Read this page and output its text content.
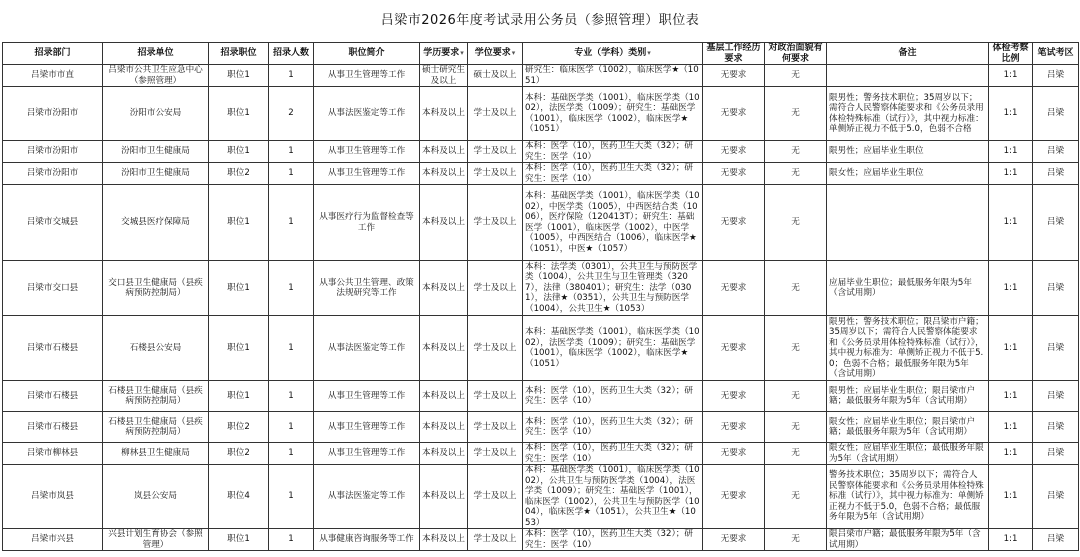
吕梁市2026年度考试录用公务员（参照管理）职位表
招录部门	招录单位	招录职位	招录人数	职位简介	学历要求▾	学位要求▾	专业（学科）类别▾	基层工作经历要求	对政治面貌有何要求	备注	体检考察比例	笔试考区
吕梁市市直	吕梁市公共卫生应急中心（参照管理）	职位1	1	从事卫生管理等工作	硕士研究生及以上	硕士及以上	研究生：临床医学（1002），临床医学★（1051）	无要求	无		1:1	吕梁
吕梁市汾阳市	汾阳市公安局	职位1	2	从事法医鉴定等工作	本科及以上	学士及以上	本科：基础医学类（1001），临床医学类（1002），法医学类（1009）；研究生：基础医学（1001），临床医学（1002），临床医学★（1051）	无要求	无	限男性；警务技术职位；35周岁以下；需符合人民警察体能要求和《公务员录用体检特殊标准（试行）》，其中视力标准：单侧矫正视力不低于5.0，色弱不合格	1:1	吕梁
吕梁市汾阳市	汾阳市卫生健康局	职位1	1	从事卫生管理等工作	本科及以上	学士及以上	本科：医学（10），医药卫生大类（32）；研究生：医学（10）	无要求	无	限男性；应届毕业生职位	1:1	吕梁
吕梁市汾阳市	汾阳市卫生健康局	职位2	1	从事卫生管理等工作	本科及以上	学士及以上	本科：医学（10），医药卫生大类（32）；研究生：医学（10）	无要求	无	限女性；应届毕业生职位	1:1	吕梁
吕梁市交城县	交城县医疗保障局	职位1	1	从事医疗行为监督检查等工作	本科及以上	学士及以上	本科：基础医学类（1001），临床医学类（1002），中医学类（1005），中西医结合类（1006），医疗保险（120413T）；研究生：基础医学（1001），临床医学（1002），中医学（1005），中西医结合（1006），临床医学★（1051），中医★（1057）	无要求	无		1:1	吕梁
吕梁市交口县	交口县卫生健康局（县疾病预防控制局）	职位1	1	从事公共卫生管理、政策法规研究等工作	本科及以上	学士及以上	本科：法学类（0301），公共卫生与预防医学类（1004），公共卫生与卫生管理类（3207），法律（380401）；研究生：法学（0301），法律★（0351），公共卫生与预防医学（1004），公共卫生★（1053）	无要求	无	应届毕业生职位；最低服务年限为5年（含试用期）	1:1	吕梁
吕梁市石楼县	石楼县公安局	职位1	1	从事法医鉴定等工作	本科及以上	学士及以上	本科：基础医学类（1001），临床医学类（1002），法医学类（1009）；研究生：基础医学（1001），临床医学（1002），临床医学★（1051）	无要求	无	限男性；警务技术职位；限吕梁市户籍；35周岁以下；需符合人民警察体能要求和《公务员录用体检特殊标准（试行）》，其中视力标准为：单侧矫正视力不低于5.0；色弱不合格；最低服务年限为5年（含试用期）	1:1	吕梁
吕梁市石楼县	石楼县卫生健康局（县疾病预防控制局）	职位1	1	从事卫生管理等工作	本科及以上	学士及以上	本科：医学（10），医药卫生大类（32）；研究生：医学（10）	无要求	无	限男性；应届毕业生职位；限吕梁市户籍；最低服务年限为5年（含试用期）	1:1	吕梁
吕梁市石楼县	石楼县卫生健康局（县疾病预防控制局）	职位2	1	从事卫生管理等工作	本科及以上	学士及以上	本科：医学（10），医药卫生大类（32）；研究生：医学（10）	无要求	无	限女性；应届毕业生职位；限吕梁市户籍；最低服务年限为5年（含试用期）	1:1	吕梁
吕梁市柳林县	柳林县卫生健康局	职位2	1	从事卫生管理等工作	本科及以上	学士及以上	本科：医学（10），医药卫生大类（32）；研究生：医学（10）	无要求	无	限女性；应届毕业生职位；最低服务年限为5年（含试用期）	1:1	吕梁
吕梁市岚县	岚县公安局	职位4	1	从事法医鉴定等工作	本科及以上	学士及以上	本科：基础医学类（1001），临床医学类（1002），公共卫生与预防医学类（1004），法医学类（1009）；研究生：基础医学（1001），临床医学（1002），公共卫生与预防医学（1004），临床医学★（1051），公共卫生★（1053）	无要求	无	警务技术职位；35周岁以下；需符合人民警察体能要求和《公务员录用体检特殊标准（试行）》，其中视力标准为：单侧矫正视力不低于5.0，色弱不合格；最低服务年限为5年（含试用期）	1:1	吕梁
吕梁市兴县	兴县计划生育协会（参照管理）	职位1	1	从事健康咨询服务等工作	本科及以上	学士及以上	本科：医学（10），医药卫生大类（32）；研究生：医学（10）	无要求	无	限吕梁市户籍；最低服务年限为5年（含试用期）	1:1	吕梁
